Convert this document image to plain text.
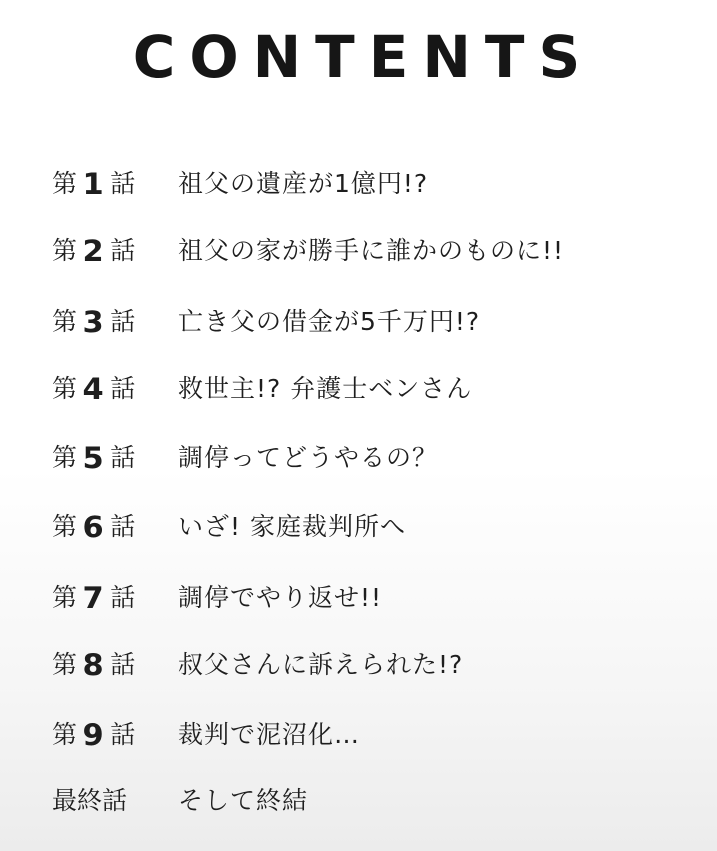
CONTENTS
第 1 話 祖父の遺産が1億円!?
第 2 話 祖父の家が勝手に誰かのものに!!
第 3 話 亡き父の借金が5千万円!?
第 4 話 救世主!? 弁護士ベンさん
第 5 話 調停ってどうやるの？
第 6 話 いざ! 家庭裁判所へ
第 7 話 調停でやり返せ!!
第 8 話 叔父さんに訴えられた!?
第 9 話 裁判で泥沼化…
最終話 そして終結
